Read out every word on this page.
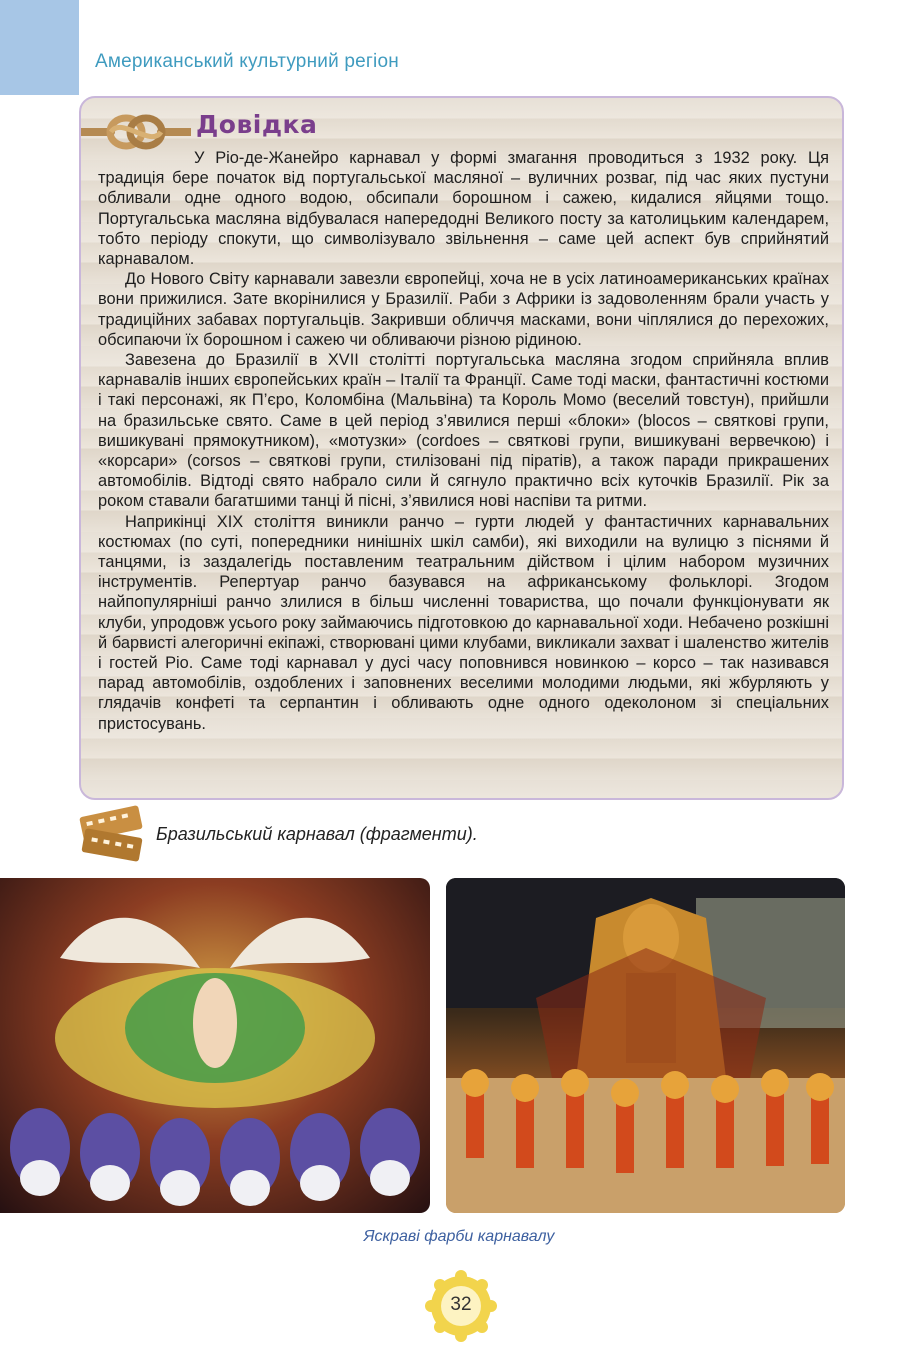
Американський культурний регіон
Довідка

У Ріо-де-Жанейро карнавал у формі змагання проводиться з 1932 року. Ця традиція бере початок від португальської масляної – вуличних розваг, під час яких пустуни обливали одне одного водою, обсипали борошном і сажею, кидалися яйцями тощо. Португальська масляна відбувалася напередодні Великого посту за католицьким календарем, тобто періоду спокути, що символізувало звільнення – саме цей аспект був сприйнятий карнавалом.

До Нового Світу карнавали завезли європейці, хоча не в усіх латиноамериканських країнах вони прижилися. Зате вкорінилися у Бразилії. Раби з Африки із задоволенням брали участь у традиційних забавах португальців. Закривши обличчя масками, вони чіплялися до перехожих, обсипаючи їх борошном і сажею чи обливаючи різною рідиною.

Завезена до Бразилії в XVII столітті португальська масляна згодом сприйняла вплив карнавалів інших європейських країн – Італії та Франції. Саме тоді маски, фантастичні костюми і такі персонажі, як П’єро, Коломбіна (Мальвіна) та Король Момо (веселий товстун), прийшли на бразильське свято. Саме в цей період з’явилися перші «блоки» (blocos – святкові групи, вишикувані прямокутником), «мотузки» (cordoes – святкові групи, вишикувані вервечкою) і «корсари» (corsos – святкові групи, стилізовані під піратів), а також паради прикрашених автомобілів. Відтоді свято набрало сили й сягнуло практично всіх куточків Бразилії. Рік за роком ставали багатшими танці й пісні, з’явилися нові наспіви та ритми.

Наприкінці XIX століття виникли ранчо – гурти людей у фантастичних карнавальних костюмах (по суті, попередники нинішніх шкіл самби), які виходили на вулицю з піснями й танцями, із заздалегідь поставленим театральним дійством і цілим набором музичних інструментів. Репертуар ранчо базувався на африканському фольклорі. Згодом найпопулярніші ранчо злилися в більш численні товариства, що почали функціонувати як клуби, упродовж усього року займаючись підготовкою до карнавальної ходи. Небачено розкішні й барвисті алегоричні екіпажі, створювані цими клубами, викликали захват і шаленство жителів і гостей Ріо. Саме тоді карнавал у дусі часу поповнився новинкою – корсо – так називався парад автомобілів, оздоблених і заповнених веселими молодими людьми, які жбурляють у глядачів конфеті та серпантин і обливають одне одного одеколоном зі спеціальних пристосувань.

Бразильський карнавал (фрагменти).
Яскраві фарби карнавалу
32
